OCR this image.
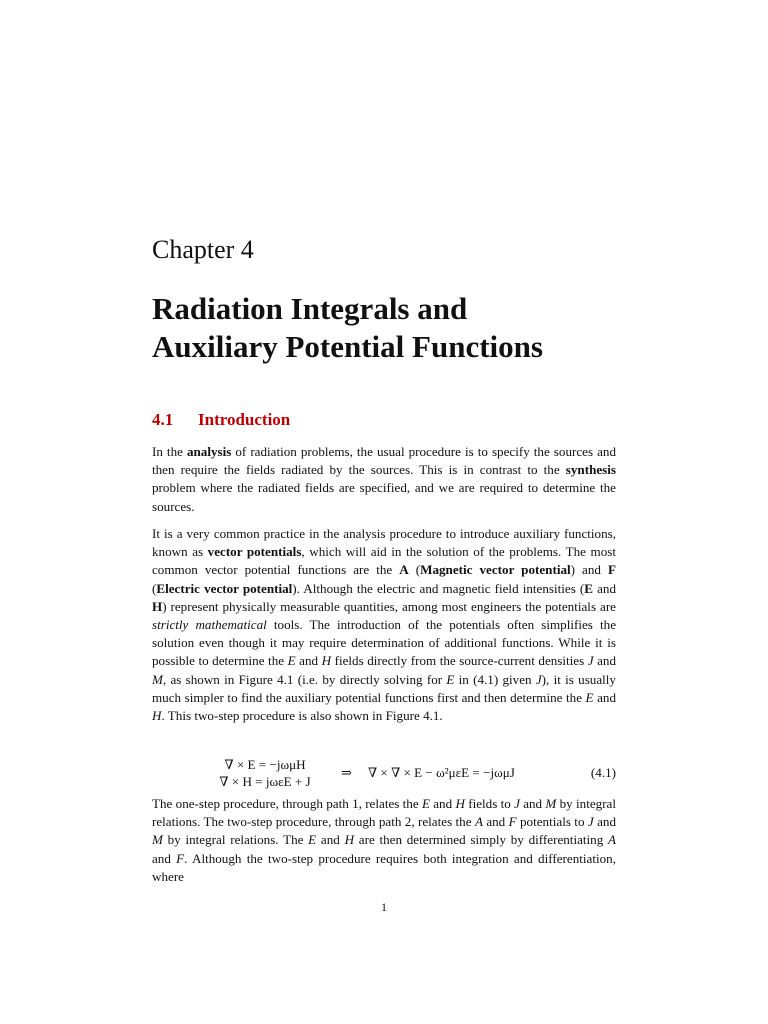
Chapter 4
Radiation Integrals and
Auxiliary Potential Functions
4.1 Introduction

In the analysis of radiation problems, the usual procedure is to specify the sources and then require the fields radiated by the sources. This is in contrast to the synthesis problem where the radiated fields are specified, and we are required to determine the sources.

It is a very common practice in the analysis procedure to introduce auxiliary functions, known as vector potentials, which will aid in the solution of the problems. The most common vector potential functions are the A (Magnetic vector potential) and F (Electric vector potential). Although the electric and magnetic field intensities (E and H) represent physically measurable quantities, among most engineers the potentials are strictly mathematical tools. The introduction of the potentials often simplifies the solution even though it may require determination of additional functions. While it is possible to determine the E and H fields directly from the source-current densities J and M, as shown in Figure 4.1 (i.e. by directly solving for E in (4.1) given J), it is usually much simpler to find the auxiliary potential functions first and then determine the E and H. This two-step procedure is also shown in Figure 4.1.

∇ × E = −jωμH
∇ × H = jωεE + J
⇒ ∇ × ∇ × E − ω²μεE = −jωμJ	(4.1)

The one-step procedure, through path 1, relates the E and H fields to J and M by integral relations. The two-step procedure, through path 2, relates the A and F potentials to J and M by integral relations. The E and H are then determined simply by differentiating A and F. Although the two-step procedure requires both integration and differentiation, where

1
